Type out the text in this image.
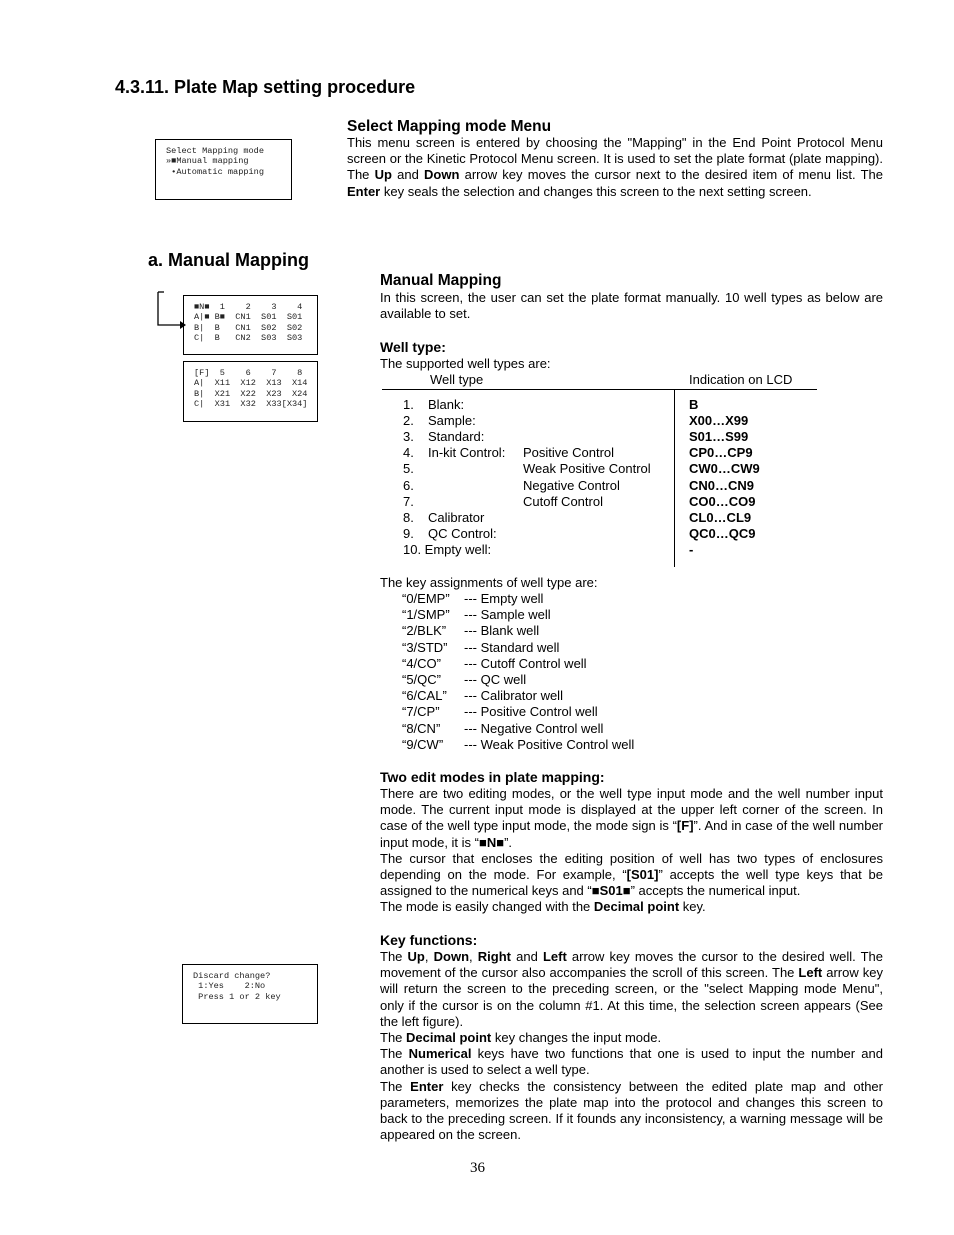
4.3.11. Plate Map setting procedure
Select Mapping mode
»■Manual mapping
•Automatic mapping
Select Mapping mode Menu
This menu screen is entered by choosing the "Mapping" in the End Point Protocol Menu screen or the Kinetic Protocol Menu screen. It is used to set the plate format (plate mapping). The Up and Down arrow key moves the cursor next to the desired item of menu list. The Enter key seals the selection and changes this screen to the next setting screen.
a. Manual Mapping
■N■  1    2    3    4
A|■ B■  CN1  S01  S01
B|  B   CN1  S02  S02
C|  B   CN2  S03  S03
[F]  5    6    7    8
A|  X11  X12  X13  X14
B|  X21  X22  X23  X24
C|  X31  X32  X33[X34]
Manual Mapping
In this screen, the user can set the plate format manually. 10 well types as below are available to set.
Well type:
The supported well types are:
Well type	Indication on LCD
1. Blank:	B
2. Sample:	X00…X99
3. Standard:	S01…S99
4. In-kit Control: Positive Control	CP0…CP9
5.	Weak Positive Control	CW0…CW9
6.	Negative Control	CN0…CN9
7.	Cutoff Control	CO0…CO9
8. Calibrator	CL0…CL9
9. QC Control:	QC0…QC9
10. Empty well:	-
The key assignments of well type are:
“0/EMP” --- Empty well
“1/SMP” --- Sample well
“2/BLK” --- Blank well
“3/STD” --- Standard well
“4/CO” --- Cutoff Control well
“5/QC” --- QC well
“6/CAL” --- Calibrator well
“7/CP” --- Positive Control well
“8/CN” --- Negative Control well
“9/CW” --- Weak Positive Control well
Two edit modes in plate mapping:

There are two editing modes, or the well type input mode and the well number input mode. The current input mode is displayed at the upper left corner of the screen. In case of the well type input mode, the mode sign is “[F]”. And in case of the well number input mode, it is “■N■”.

The cursor that encloses the editing position of well has two types of enclosures depending on the mode. For example, “[S01]” accepts the well type keys that be assigned to the numerical keys and “■S01■” accepts the numerical input.

The mode is easily changed with the Decimal point key.

Discard change?
1:Yes    2:No
Press 1 or 2 key
Key functions:

The Up, Down, Right and Left arrow key moves the cursor to the desired well. The movement of the cursor also accompanies the scroll of this screen. The Left arrow key will return the screen to the preceding screen, or the "select Mapping mode Menu", only if the cursor is on the column #1. At this time, the selection screen appears (See the left figure).

The Decimal point key changes the input mode.

The Numerical keys have two functions that one is used to input the number and another is used to select a well type.

The Enter key checks the consistency between the edited plate map and other parameters, memorizes the plate map into the protocol and changes this screen to back to the preceding screen. If it founds any inconsistency, a warning message will be appeared on the screen.

36
